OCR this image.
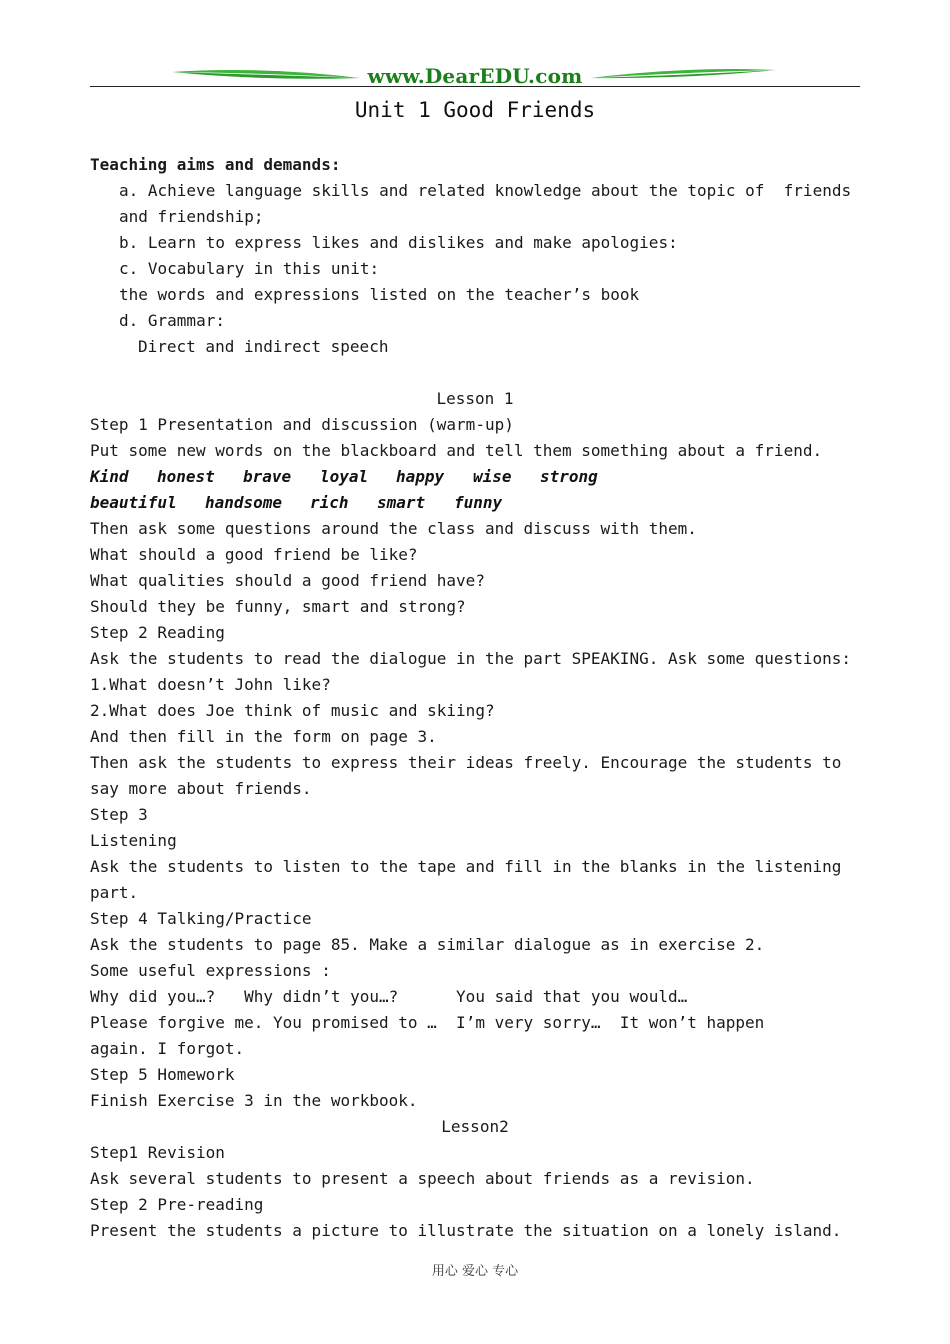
www.DearEDU.com
Unit 1 Good Friends
Teaching aims and demands:
a. Achieve language skills and related knowledge about the topic of  friends
and friendship;
b. Learn to express likes and dislikes and make apologies:
c. Vocabulary in this unit:
the words and expressions listed on the teacher’s book
d. Grammar:
Direct and indirect speech
Lesson 1
Step 1 Presentation and discussion (warm-up)
Put some new words on the blackboard and tell them something about a friend.
Kind	honest	brave	loyal	happy	wise	strong
beautiful	handsome	rich	smart	funny
Then ask some questions around the class and discuss with them.
What should a good friend be like?
What qualities should a good friend have?
Should they be funny, smart and strong?
Step 2 Reading
Ask the students to read the dialogue in the part SPEAKING. Ask some questions:
1.What doesn’t John like?
2.What does Joe think of music and skiing?
And then fill in the form on page 3.
Then ask the students to express their ideas freely. Encourage the students to
say more about friends.
Step 3
Listening
Ask the students to listen to the tape and fill in the blanks in the listening
part.
Step 4 Talking/Practice
Ask the students to page 85. Make a similar dialogue as in exercise 2.
Some useful expressions :
Why did you…?   Why didn’t you…?      You said that you would…
Please forgive me. You promised to …  I’m very sorry…  It won’t happen
again. I forgot.
Step 5 Homework
Finish Exercise 3 in the workbook.
Lesson2
Step1 Revision
Ask several students to present a speech about friends as a revision.
Step 2 Pre-reading
Present the students a picture to illustrate the situation on a lonely island.
用心 爱心 专心
